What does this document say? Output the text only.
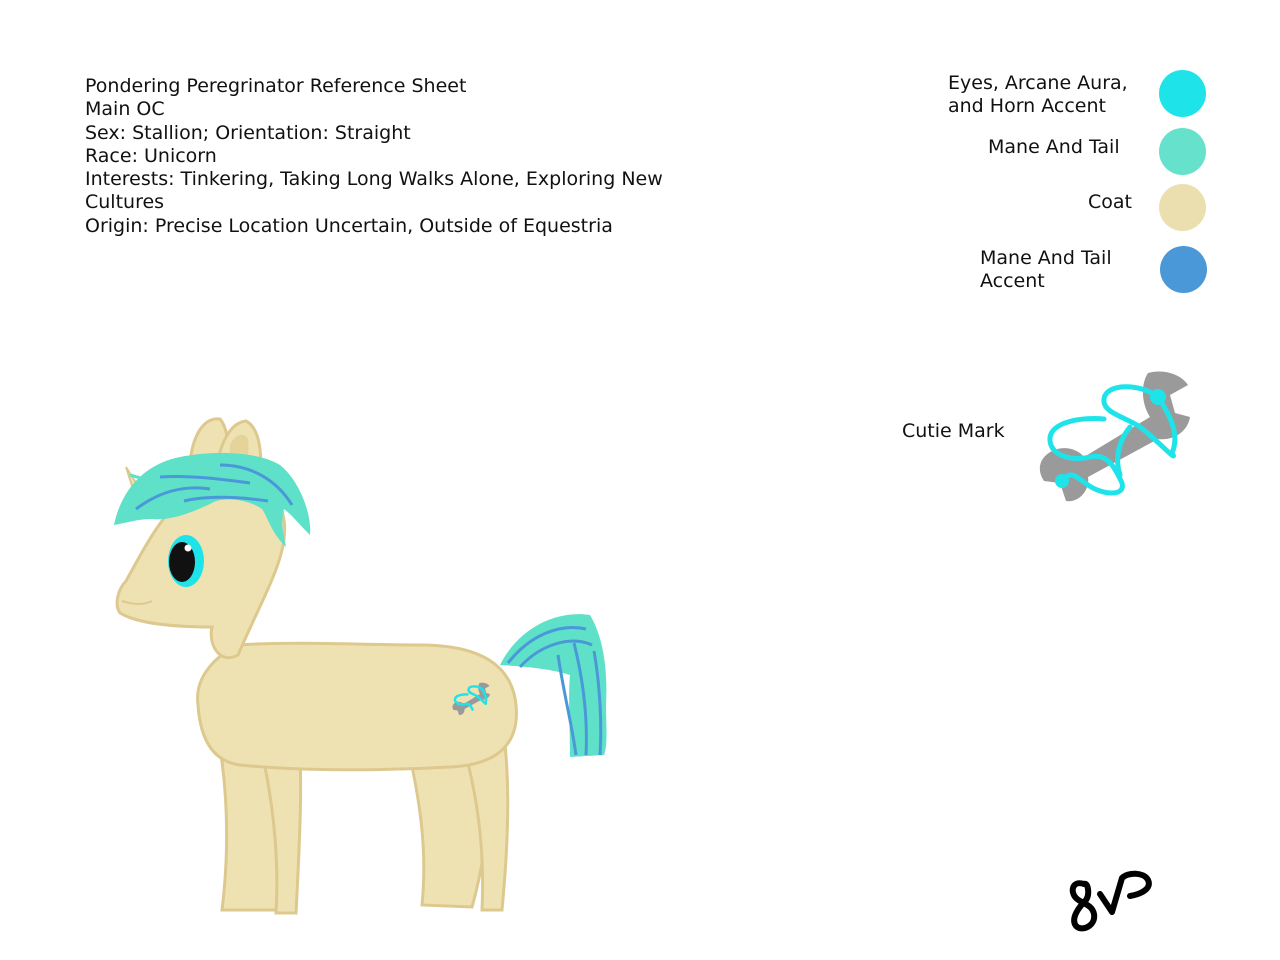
Pondering Peregrinator Reference Sheet
Main OC
Sex: Stallion; Orientation: Straight
Race: Unicorn
Interests: Tinkering, Taking Long Walks Alone, Exploring New Cultures
Origin: Precise Location Uncertain, Outside of Equestria
Eyes, Arcane Aura, and Horn Accent
Mane And Tail
Coat
Mane And Tail Accent
Cutie Mark
